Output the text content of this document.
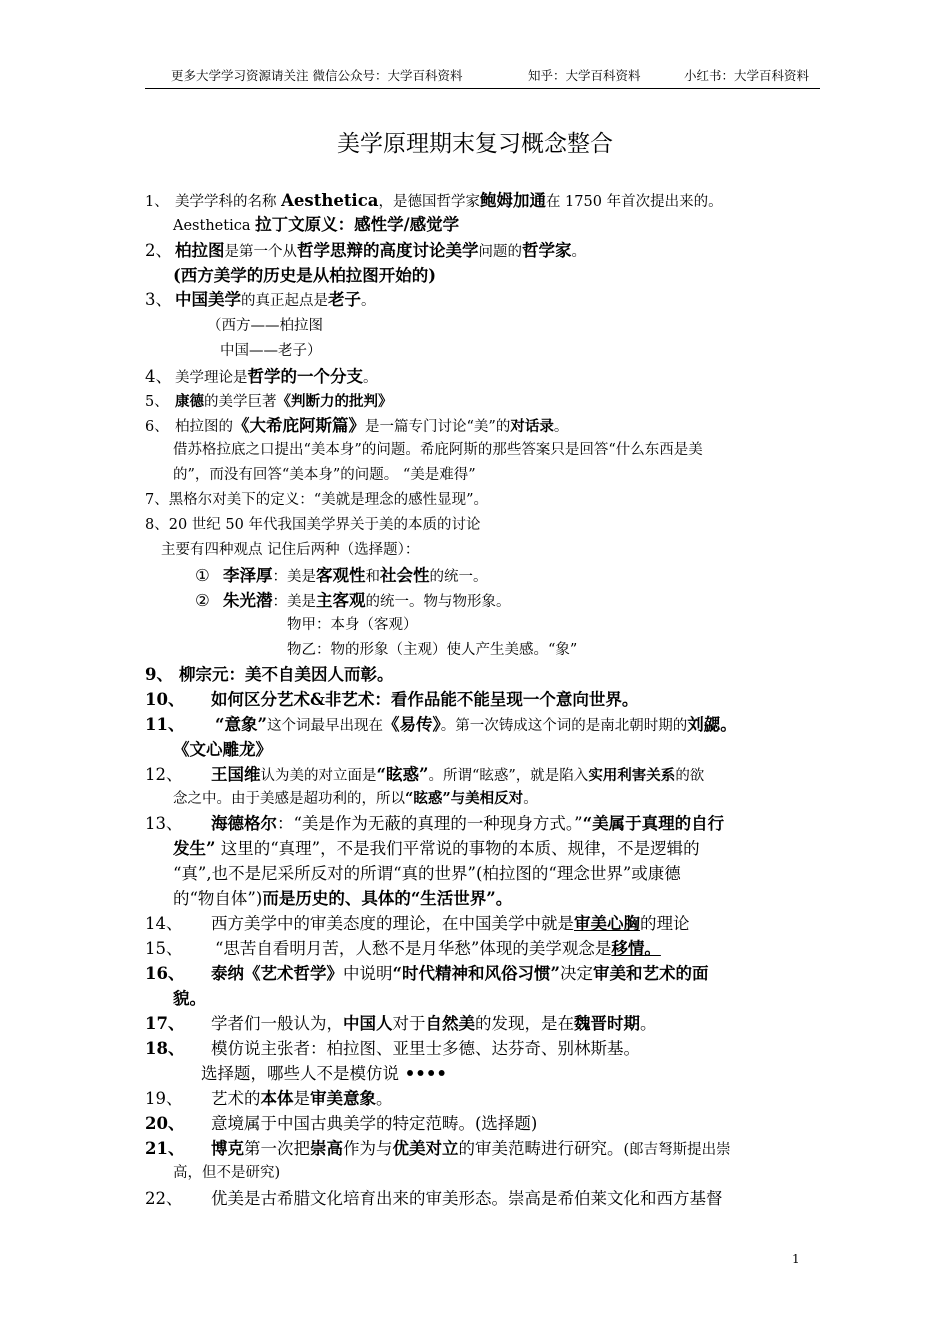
更多大学学习资源请关注 微信公众号：大学百科资料	知乎：大学百科资料	小红书：大学百科资料
美学原理期末复习概念整合
1、 美学学科的名称 Aesthetica，是德国哲学家鲍姆加通在 1750 年首次提出来的。
Aesthetica 拉丁文原义：感性学/感觉学
2、 柏拉图是第一个从哲学思辩的高度讨论美学问题的哲学家。
(西方美学的历史是从柏拉图开始的)
3、 中国美学的真正起点是老子。
（西方——柏拉图
中国——老子）
4、 美学理论是哲学的一个分支。
5、 康德的美学巨著《判断力的批判》
6、 柏拉图的《大希庇阿斯篇》是一篇专门讨论“美”的对话录。
借苏格拉底之口提出“美本身”的问题。希庇阿斯的那些答案只是回答“什么东西是美
的”，而没有回答“美本身”的问题。 “美是难得”
7、黑格尔对美下的定义：“美就是理念的感性显现”。
8、20 世纪 50 年代我国美学界关于美的本质的讨论
主要有四种观点 记住后两种（选择题）：
① 李泽厚：美是客观性和社会性的统一。
② 朱光潜：美是主客观的统一。物与物形象。
物甲：本身（客观）
物乙：物的形象（主观）使人产生美感。“象”
9、 柳宗元：美不自美因人而彰。
10、 如何区分艺术&非艺术：看作品能不能呈现一个意向世界。
11、 “意象”这个词最早出现在《易传》。第一次铸成这个词的是南北朝时期的刘勰。
《文心雕龙》
12、 王国维认为美的对立面是“眩惑”。所谓“眩惑”，就是陷入实用利害关系的欲
念之中。由于美感是超功利的，所以“眩惑”与美相反对。
13、 海德格尔：“美是作为无蔽的真理的一种现身方式。”“美属于真理的自行
发生” 这里的“真理”，不是我们平常说的事物的本质、规律，不是逻辑的
“真”,也不是尼采所反对的所谓“真的世界”(柏拉图的“理念世界”或康德
的“物自体”)而是历史的、具体的“生活世界”。
14、 西方美学中的审美态度的理论，在中国美学中就是审美心胸的理论
15、 “思苦自看明月苦，人愁不是月华愁”体现的美学观念是移情。
16、 泰纳《艺术哲学》中说明“时代精神和风俗习惯”决定审美和艺术的面
貌。
17、 学者们一般认为，中国人对于自然美的发现，是在魏晋时期。
18、 模仿说主张者：柏拉图、亚里士多德、达芬奇、别林斯基。
选择题，哪些人不是模仿说 ••••
19、 艺术的本体是审美意象。
20、 意境属于中国古典美学的特定范畴。(选择题)
21、 博克第一次把崇高作为与优美对立的审美范畴进行研究。(郎吉弩斯提出崇
高，但不是研究)
22、 优美是古希腊文化培育出来的审美形态。崇高是希伯莱文化和西方基督
1
